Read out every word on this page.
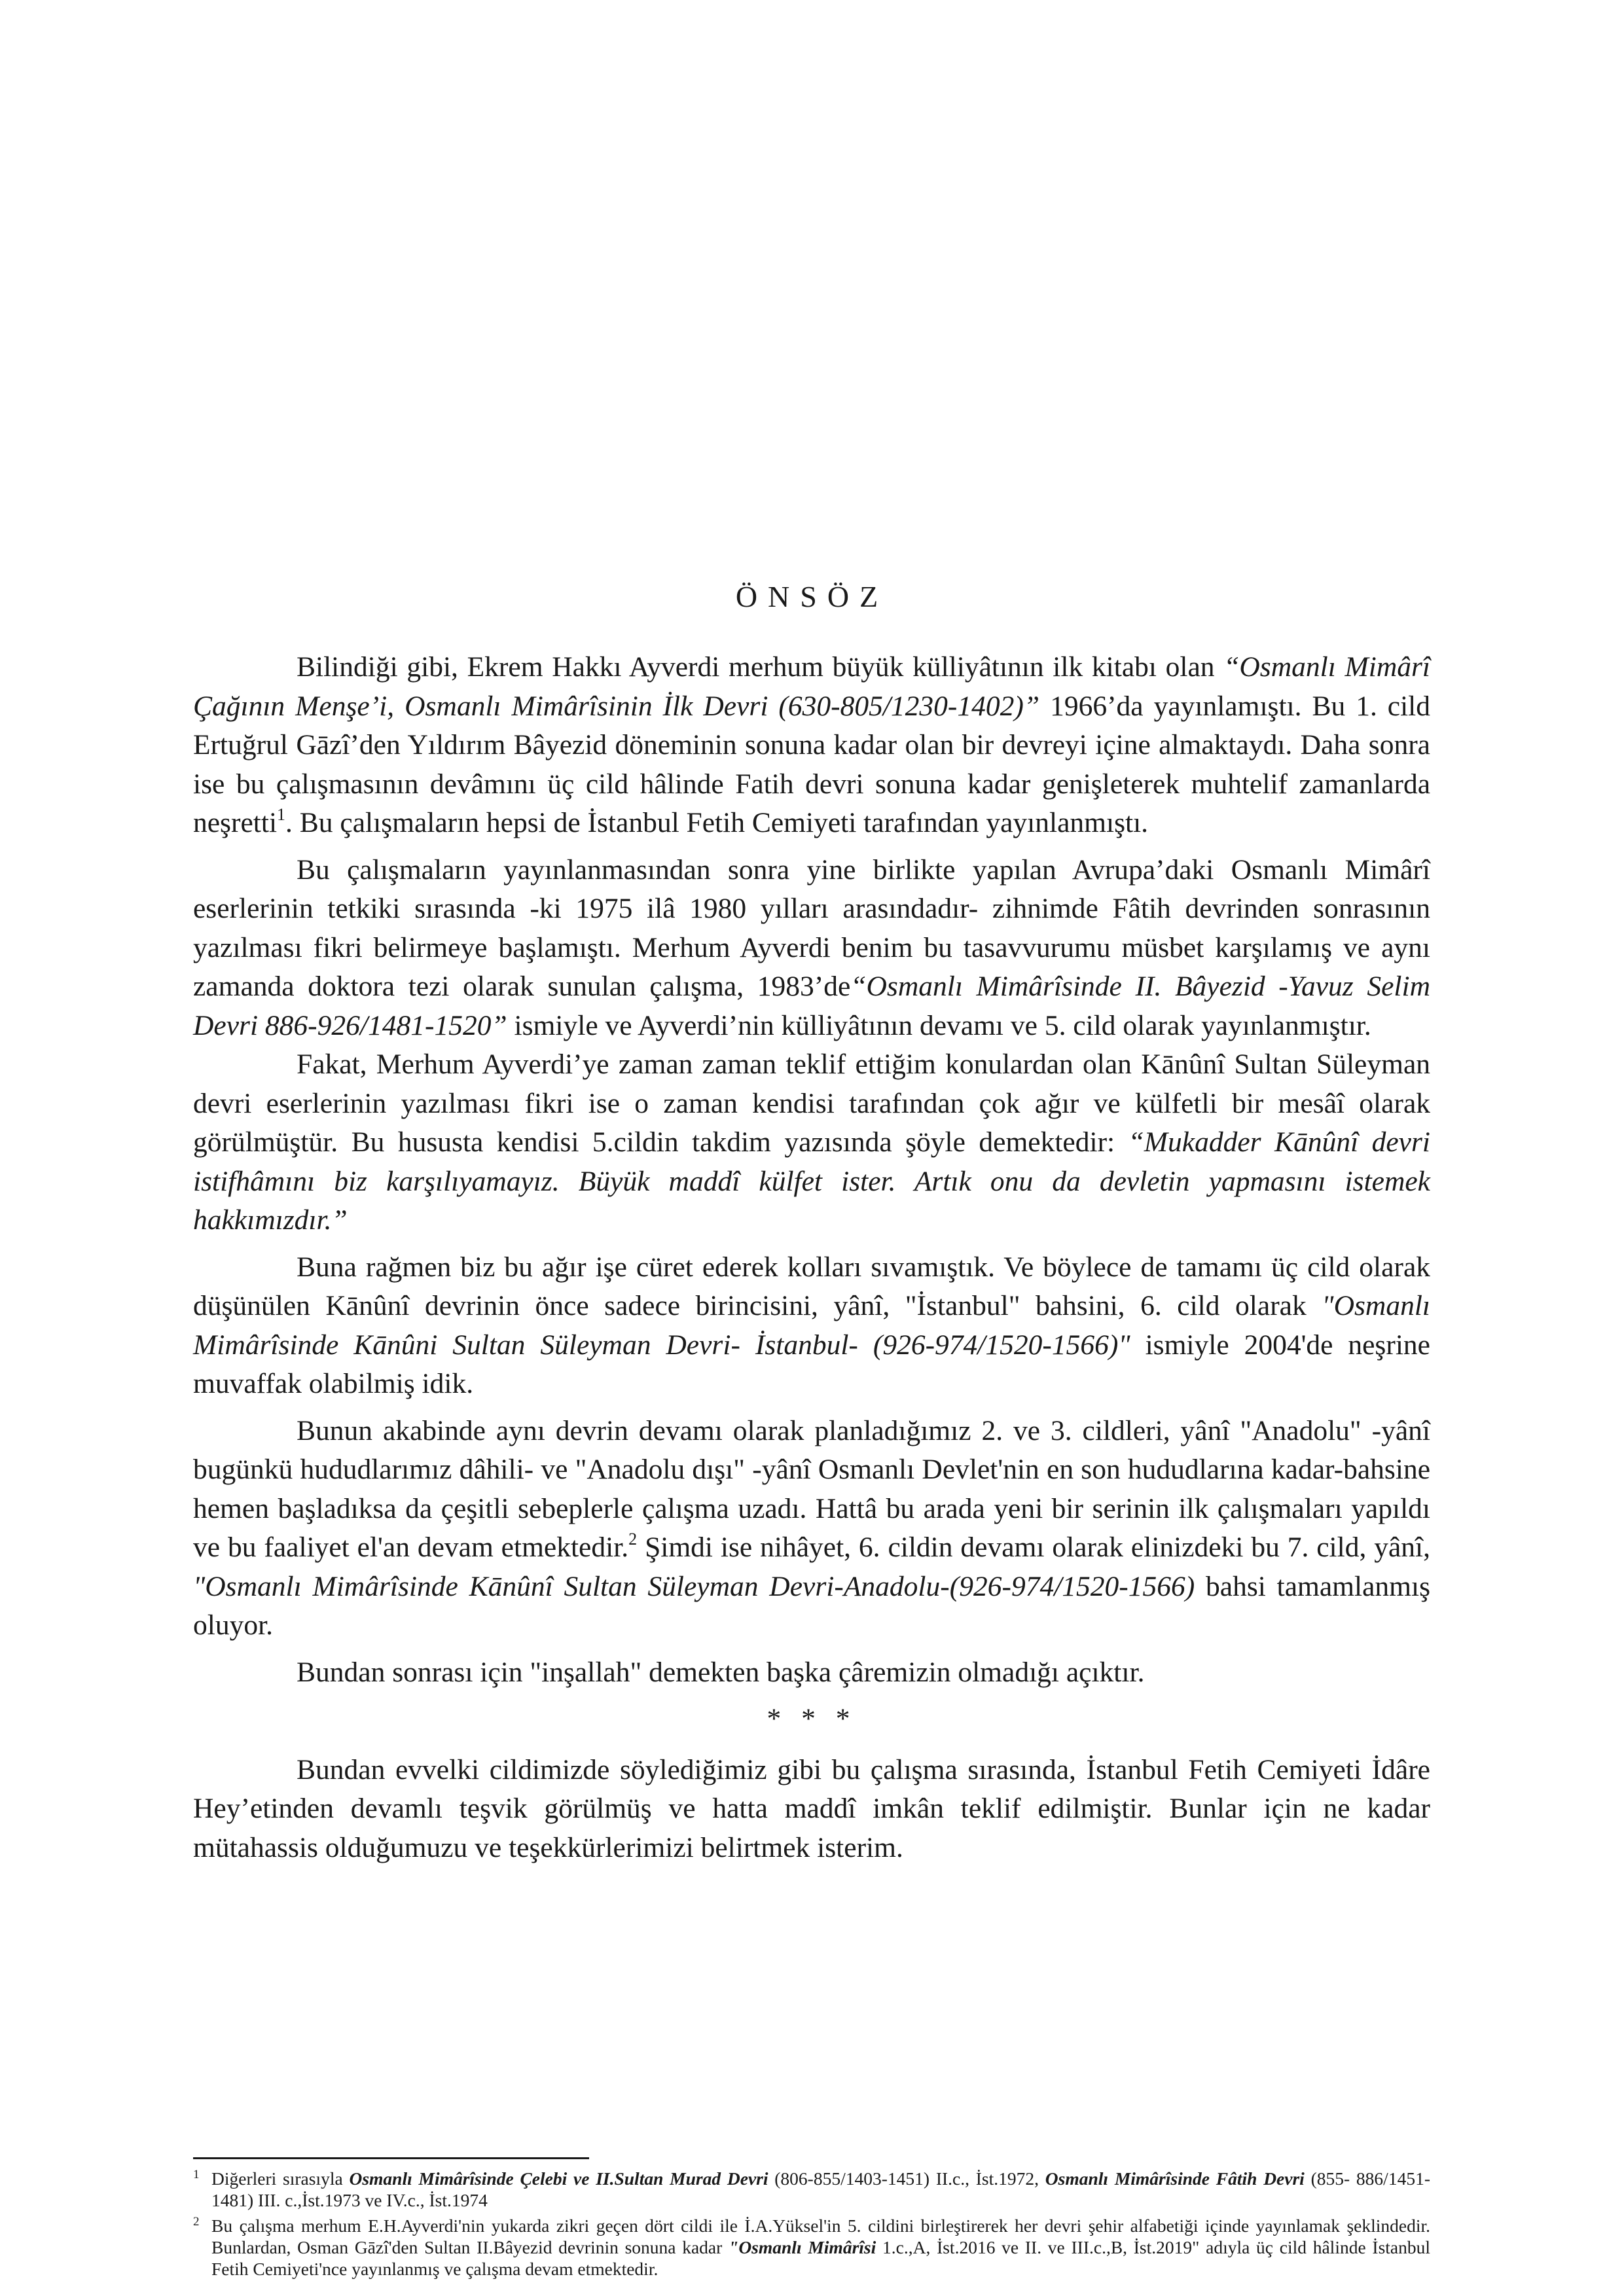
ÖNSÖZ

Bilindiği gibi, Ekrem Hakkı Ayverdi merhum büyük külliyâtının ilk kitabı olan “Osmanlı Mimârî Çağının Menşe’i, Osmanlı Mimârîsinin İlk Devri (630-805/1230-1402)” 1966’da yayınlamıştı. Bu 1. cild Ertuğrul Gāzî’den Yıldırım Bâyezid döneminin sonuna kadar olan bir devreyi içine almaktaydı. Daha sonra ise bu çalışmasının devâmını üç cild hâlinde Fatih devri sonuna kadar genişleterek muhtelif zamanlarda neşretti$^1$. Bu çalışmaların hepsi de İstanbul Fetih Cemiyeti tarafından yayınlanmıştı.

Bu çalışmaların yayınlanmasından sonra yine birlikte yapılan Avrupa’daki Osmanlı Mimârî eserlerinin tetkiki sırasında -ki 1975 ilâ 1980 yılları arasındadır- zihnimde Fâtih devrinden sonrasının yazılması fikri belirmeye başlamıştı. Merhum Ayverdi benim bu tasavvurumu müsbet karşılamış ve aynı zamanda doktora tezi olarak sunulan çalışma, 1983’de“Osmanlı Mimârîsinde II. Bâyezid -Yavuz Selim Devri 886-926/1481-1520” ismiyle ve Ayverdi’nin külliyâtının devamı ve 5. cild olarak yayınlanmıştır.

Fakat, Merhum Ayverdi’ye zaman zaman teklif ettiğim konulardan olan Kānûnî Sultan Süleyman devri eserlerinin yazılması fikri ise o zaman kendisi tarafından çok ağır ve külfetli bir mesâî olarak görülmüştür. Bu hususta kendisi 5.cildin takdim yazısında şöyle demektedir: “Mukadder Kānûnî devri istifhâmını biz karşılıyamayız. Büyük maddî külfet ister. Artık onu da devletin yapmasını istemek hakkımızdır.”

Buna rağmen biz bu ağır işe cüret ederek kolları sıvamıştık. Ve böylece de tamamı üç cild olarak düşünülen Kānûnî devrinin önce sadece birincisini, yânî, "İstanbul" bahsini, 6. cild olarak "Osmanlı Mimârîsinde Kānûni Sultan Süleyman Devri- İstanbul- (926-974/1520-1566)" ismiyle 2004'de neşrine muvaffak olabilmiş idik.

Bunun akabinde aynı devrin devamı olarak planladığımız 2. ve 3. cildleri, yânî "Anadolu" -yânî bugünkü hududlarımız dâhili- ve "Anadolu dışı" -yânî Osmanlı Devlet'nin en son hududlarına kadar-bahsine hemen başladıksa da çeşitli sebeplerle çalışma uzadı. Hattâ bu arada yeni bir serinin ilk çalışmaları yapıldı ve bu faaliyet el'an devam etmektedir.$^2$ Şimdi ise nihâyet, 6. cildin devamı olarak elinizdeki bu 7. cild, yânî, "Osmanlı Mimârîsinde Kānûnî Sultan Süleyman Devri-Anadolu-(926-974/1520-1566) bahsi tamamlanmış oluyor.

Bundan sonrası için "inşallah" demekten başka çâremizin olmadığı açıktır.

* * *

Bundan evvelki cildimizde söylediğimiz gibi bu çalışma sırasında, İstanbul Fetih Cemiyeti İdâre Hey’etinden devamlı teşvik görülmüş ve hatta maddî imkân teklif edilmiştir. Bunlar için ne kadar mütahassis olduğumuzu ve teşekkürlerimizi belirtmek isterim.

1 Diğerleri sırasıyla Osmanlı Mimârîsinde Çelebi ve II.Sultan Murad Devri (806-855/1403-1451) II.c., İst.1972, Osmanlı Mimârîsinde Fâtih Devri (855- 886/1451-1481) III. c.,İst.1973 ve IV.c., İst.1974
2 Bu çalışma merhum E.H.Ayverdi'nin yukarda zikri geçen dört cildi ile İ.A.Yüksel'in 5. cildini birleştirerek her devri şehir alfabetiği içinde yayınlamak şeklindedir. Bunlardan, Osman Gāzî'den Sultan II.Bâyezid devrinin sonuna kadar "Osmanlı Mimârîsi 1.c.,A, İst.2016 ve II. ve III.c.,B, İst.2019" adıyla üç cild hâlinde İstanbul Fetih Cemiyeti'nce yayınlanmış ve çalışma devam etmektedir.
